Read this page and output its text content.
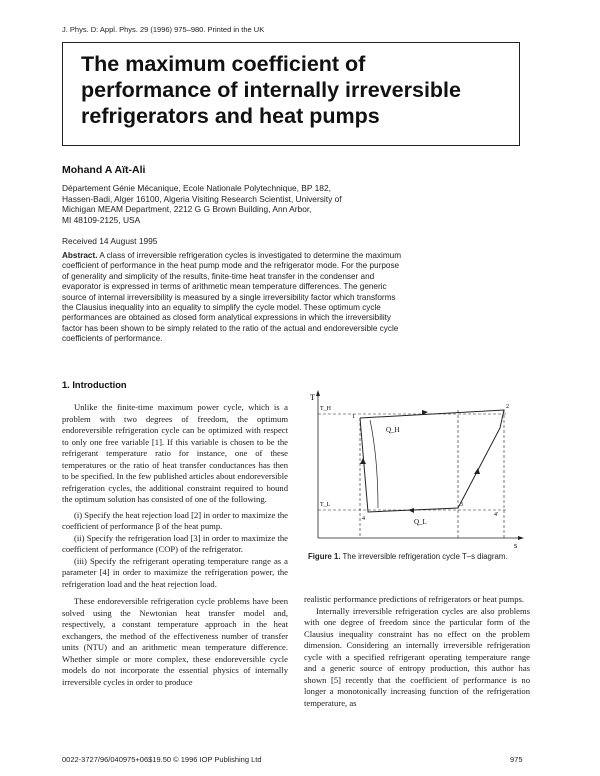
J. Phys. D: Appl. Phys. 29 (1996) 975–980. Printed in the UK
The maximum coefficient of
performance of internally irreversible
refrigerators and heat pumps
Mohand A Aït-Ali
Département Génie Mécanique, Ecole Nationale Polytechnique, BP 182,
Hassen-Badi, Alger 16100, Algeria Visiting Research Scientist, University of
Michigan MEAM Department, 2212 G G Brown Building, Ann Arbor,
MI 48109-2125, USA
Received 14 August 1995
Abstract. A class of irreversible refrigeration cycles is investigated to determine the maximum coefficient of performance in the heat pump mode and the refrigerator mode. For the purpose of generality and simplicity of the results, finite-time heat transfer in the condenser and evaporator is expressed in terms of arithmetic mean temperature differences. The generic source of internal irreversibility is measured by a single irreversibility factor which transforms the Clausius inequality into an equality to simplify the cycle model. These optimum cycle performances are obtained as closed form analytical expressions in which the irreversibility factor has been shown to be simply related to the ratio of the actual and endoreversible cycle coefficients of performance.
1. Introduction

Unlike the finite-time maximum power cycle, which is a problem with two degrees of freedom, the optimum endoreversible refrigeration cycle can be optimized with respect to only one free variable [1]. If this variable is chosen to be the refrigerant temperature ratio for instance, one of these temperatures or the ratio of heat transfer conductances has then to be specified. In the few published articles about endoreversible refrigeration cycles, the additional constraint required to bound the optimum solution has consisted of one of the following.

(i) Specify the heat rejection load [2] in order to maximize the coefficient of performance β of the heat pump.

(ii) Specify the refrigeration load [3] in order to maximize the coefficient of performance (COP) of the refrigerator.

(iii) Specify the refrigerant operating temperature range as a parameter [4] in order to maximize the refrigeration power, the refrigeration load and the heat rejection load.

These endoreversible refrigeration cycle problems have been solved using the Newtonian heat transfer model and, respectively, a constant temperature approach in the heat exchangers, the method of the effectiveness number of transfer units (NTU) and an arithmetic mean temperature difference. Whether simple or more complex, these endoreversible cycle models do not incorporate the essential physics of internally irreversible cycles in order to produce

T
s
Q_H
Q_L
2
1
3
4
4'
T_H
T_L
Figure 1. The irreversible refrigeration cycle T–s diagram.

realistic performance predictions of refrigerators or heat pumps.

Internally irreversible refrigeration cycles are also problems with one degree of freedom since the particular form of the Clausius inequality constraint has no effect on the problem dimension. Considering an internally irreversible refrigeration cycle with a specified refrigerant operating temperature range and a generic source of entropy production, this author has shown [5] recently that the coefficient of performance is no longer a monotonically increasing function of the refrigeration temperature, as

0022-3727/96/040975+06$19.50 © 1996 IOP Publishing Ltd	975
